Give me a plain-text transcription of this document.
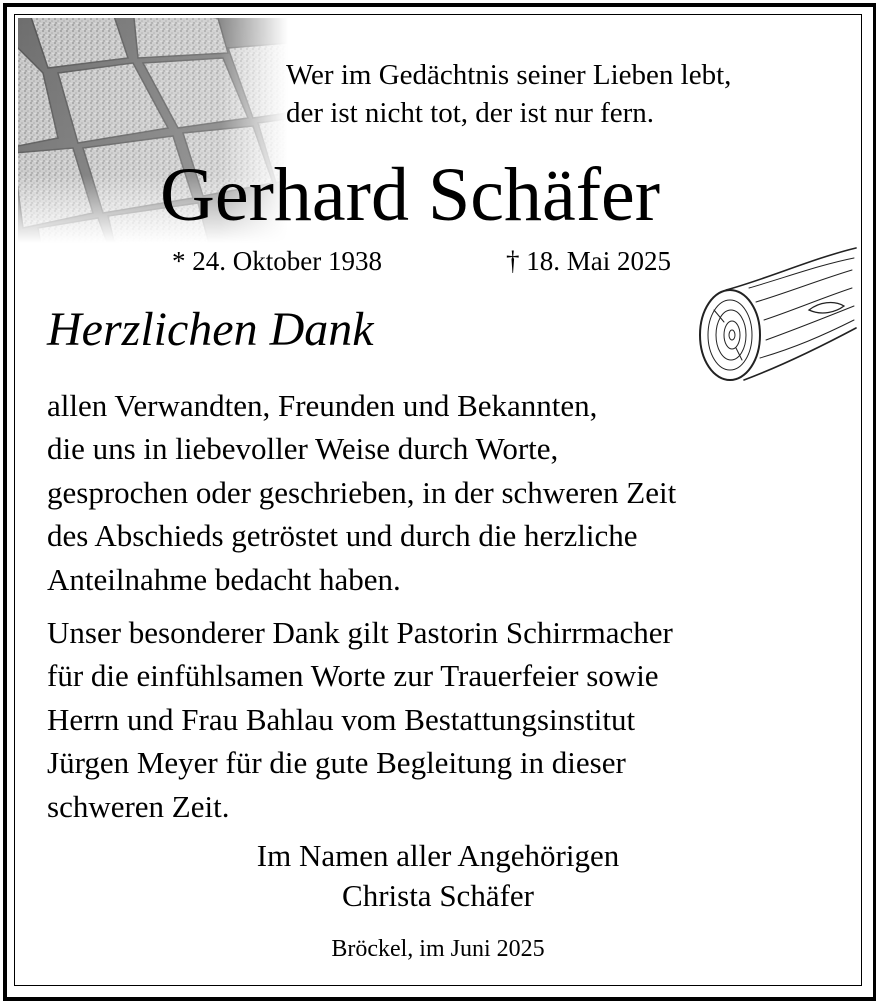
Wer im Gedächtnis seiner Lieben lebt,
der ist nicht tot, der ist nur fern.
Gerhard Schäfer
* 24. Oktober 1938	† 18. Mai 2025
Herzlichen Dank
allen Verwandten, Freunden und Bekannten,
die uns in liebevoller Weise durch Worte,
gesprochen oder geschrieben, in der schweren Zeit
des Abschieds getröstet und durch die herzliche
Anteilnahme bedacht haben.
Unser besonderer Dank gilt Pastorin Schirrmacher
für die einfühlsamen Worte zur Trauerfeier sowie
Herrn und Frau Bahlau vom Bestattungsinstitut
Jürgen Meyer für die gute Begleitung in dieser
schweren Zeit.
Im Namen aller Angehörigen
Christa Schäfer
Bröckel, im Juni 2025
